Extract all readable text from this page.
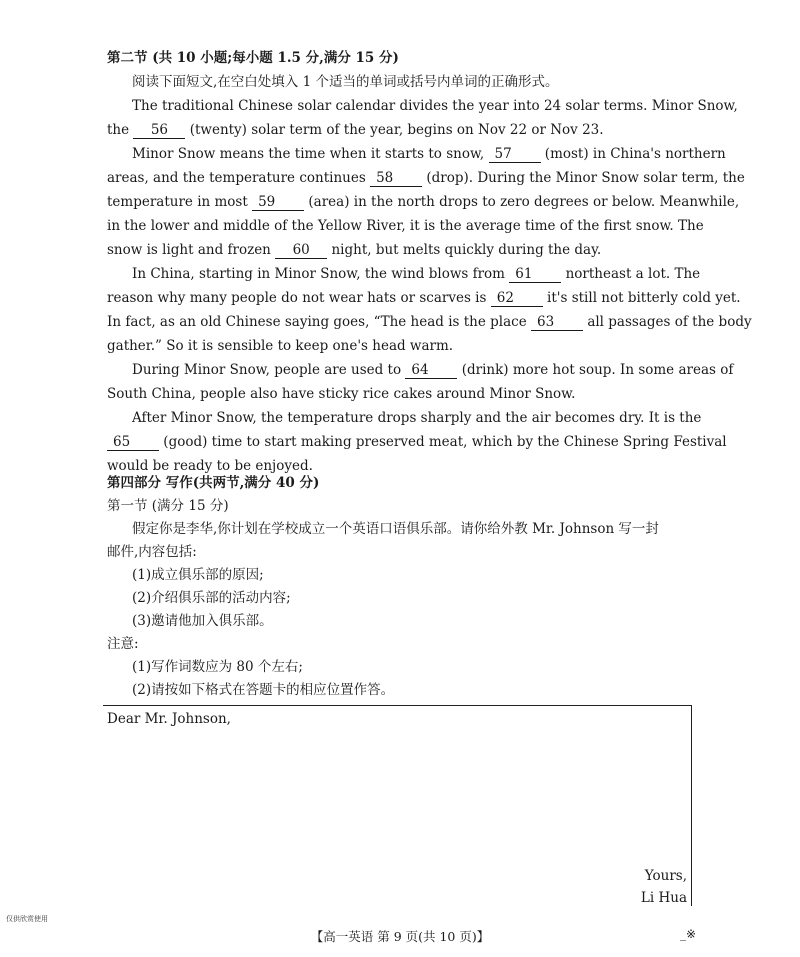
第二节 (共 10 小题;每小题 1.5 分,满分 15 分)
阅读下面短文,在空白处填入 1 个适当的单词或括号内单词的正确形式。
The traditional Chinese solar calendar divides the year into 24 solar terms. Minor Snow,
the 56 (twenty) solar term of the year, begins on Nov 22 or Nov 23.
Minor Snow means the time when it starts to snow, 57 (most) in China's northern
areas, and the temperature continues 58 (drop). During the Minor Snow solar term, the
temperature in most 59 (area) in the north drops to zero degrees or below. Meanwhile,
in the lower and middle of the Yellow River, it is the average time of the first snow. The
snow is light and frozen 60 night, but melts quickly during the day.
In China, starting in Minor Snow, the wind blows from 61 northeast a lot. The
reason why many people do not wear hats or scarves is 62 it's still not bitterly cold yet.
In fact, as an old Chinese saying goes, “The head is the place 63 all passages of the body
gather.” So it is sensible to keep one's head warm.
During Minor Snow, people are used to 64 (drink) more hot soup. In some areas of
South China, people also have sticky rice cakes around Minor Snow.
After Minor Snow, the temperature drops sharply and the air becomes dry. It is the
65 (good) time to start making preserved meat, which by the Chinese Spring Festival
would be ready to be enjoyed.
第四部分 写作(共两节,满分 40 分)
第一节 (满分 15 分)
假定你是李华,你计划在学校成立一个英语口语俱乐部。请你给外教 Mr. Johnson 写一封
邮件,内容包括:
(1)成立俱乐部的原因;
(2)介绍俱乐部的活动内容;
(3)邀请他加入俱乐部。
注意:
(1)写作词数应为 80 个左右;
(2)请按如下格式在答题卡的相应位置作答。
Dear Mr. Johnson,
Yours,
Li Hua
仅供欣赏使用
【高一英语 第 9 页(共 10 页)】	_※
